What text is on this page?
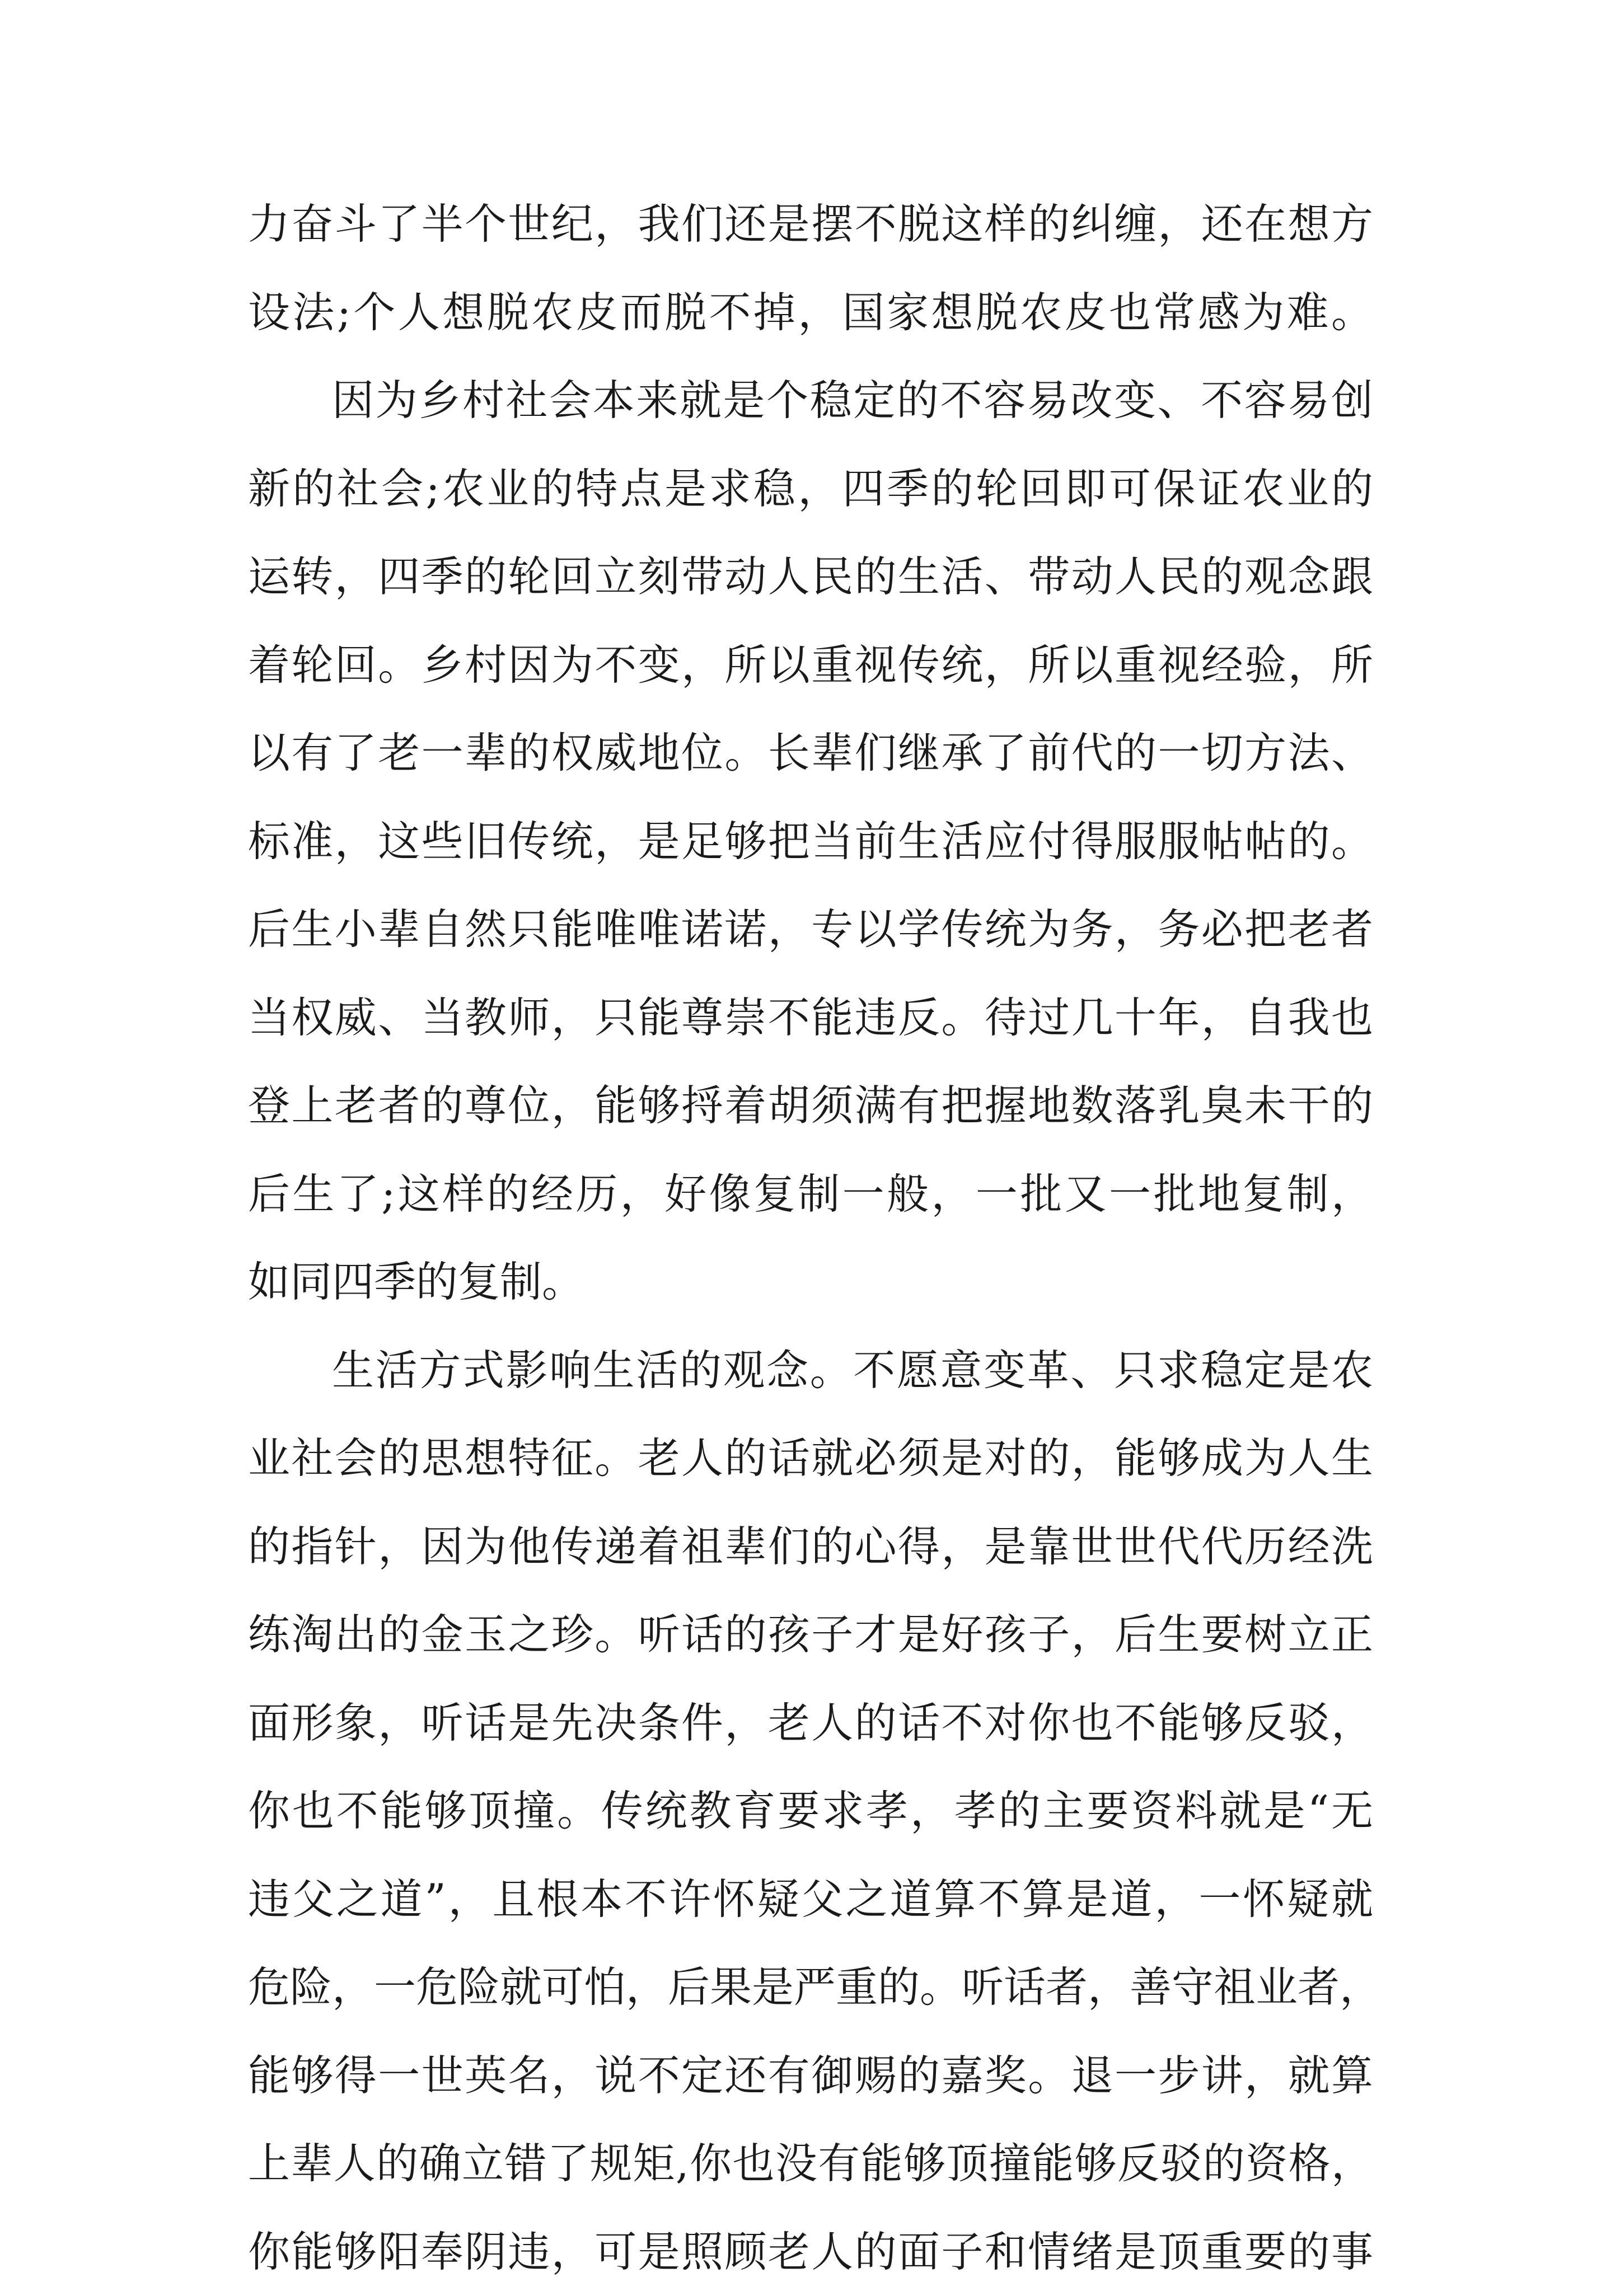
力奋斗了半个世纪，我们还是摆不脱这样的纠缠，还在想方
设法;个人想脱农皮而脱不掉，国家想脱农皮也常感为难。
因为乡村社会本来就是个稳定的不容易改变、不容易创
新的社会;农业的特点是求稳，四季的轮回即可保证农业的
运转，四季的轮回立刻带动人民的生活、带动人民的观念跟
着轮回。乡村因为不变，所以重视传统，所以重视经验，所
以有了老一辈的权威地位。长辈们继承了前代的一切方法、
标准，这些旧传统，是足够把当前生活应付得服服帖帖的。
后生小辈自然只能唯唯诺诺，专以学传统为务，务必把老者
当权威、当教师，只能尊崇不能违反。待过几十年，自我也
登上老者的尊位，能够捋着胡须满有把握地数落乳臭未干的
后生了;这样的经历，好像复制一般，一批又一批地复制，
如同四季的复制。
生活方式影响生活的观念。不愿意变革、只求稳定是农
业社会的思想特征。老人的话就必须是对的，能够成为人生
的指针，因为他传递着祖辈们的心得，是靠世世代代历经洗
练淘出的金玉之珍。听话的孩子才是好孩子，后生要树立正
面形象，听话是先决条件，老人的话不对你也不能够反驳，
你也不能够顶撞。传统教育要求孝，孝的主要资料就是“无
违父之道”，且根本不许怀疑父之道算不算是道，一怀疑就
危险，一危险就可怕，后果是严重的。听话者，善守祖业者，
能够得一世英名，说不定还有御赐的嘉奖。退一步讲，就算
上辈人的确立错了规矩,你也没有能够顶撞能够反驳的资格，
你能够阳奉阴违，可是照顾老人的面子和情绪是顶重要的事
